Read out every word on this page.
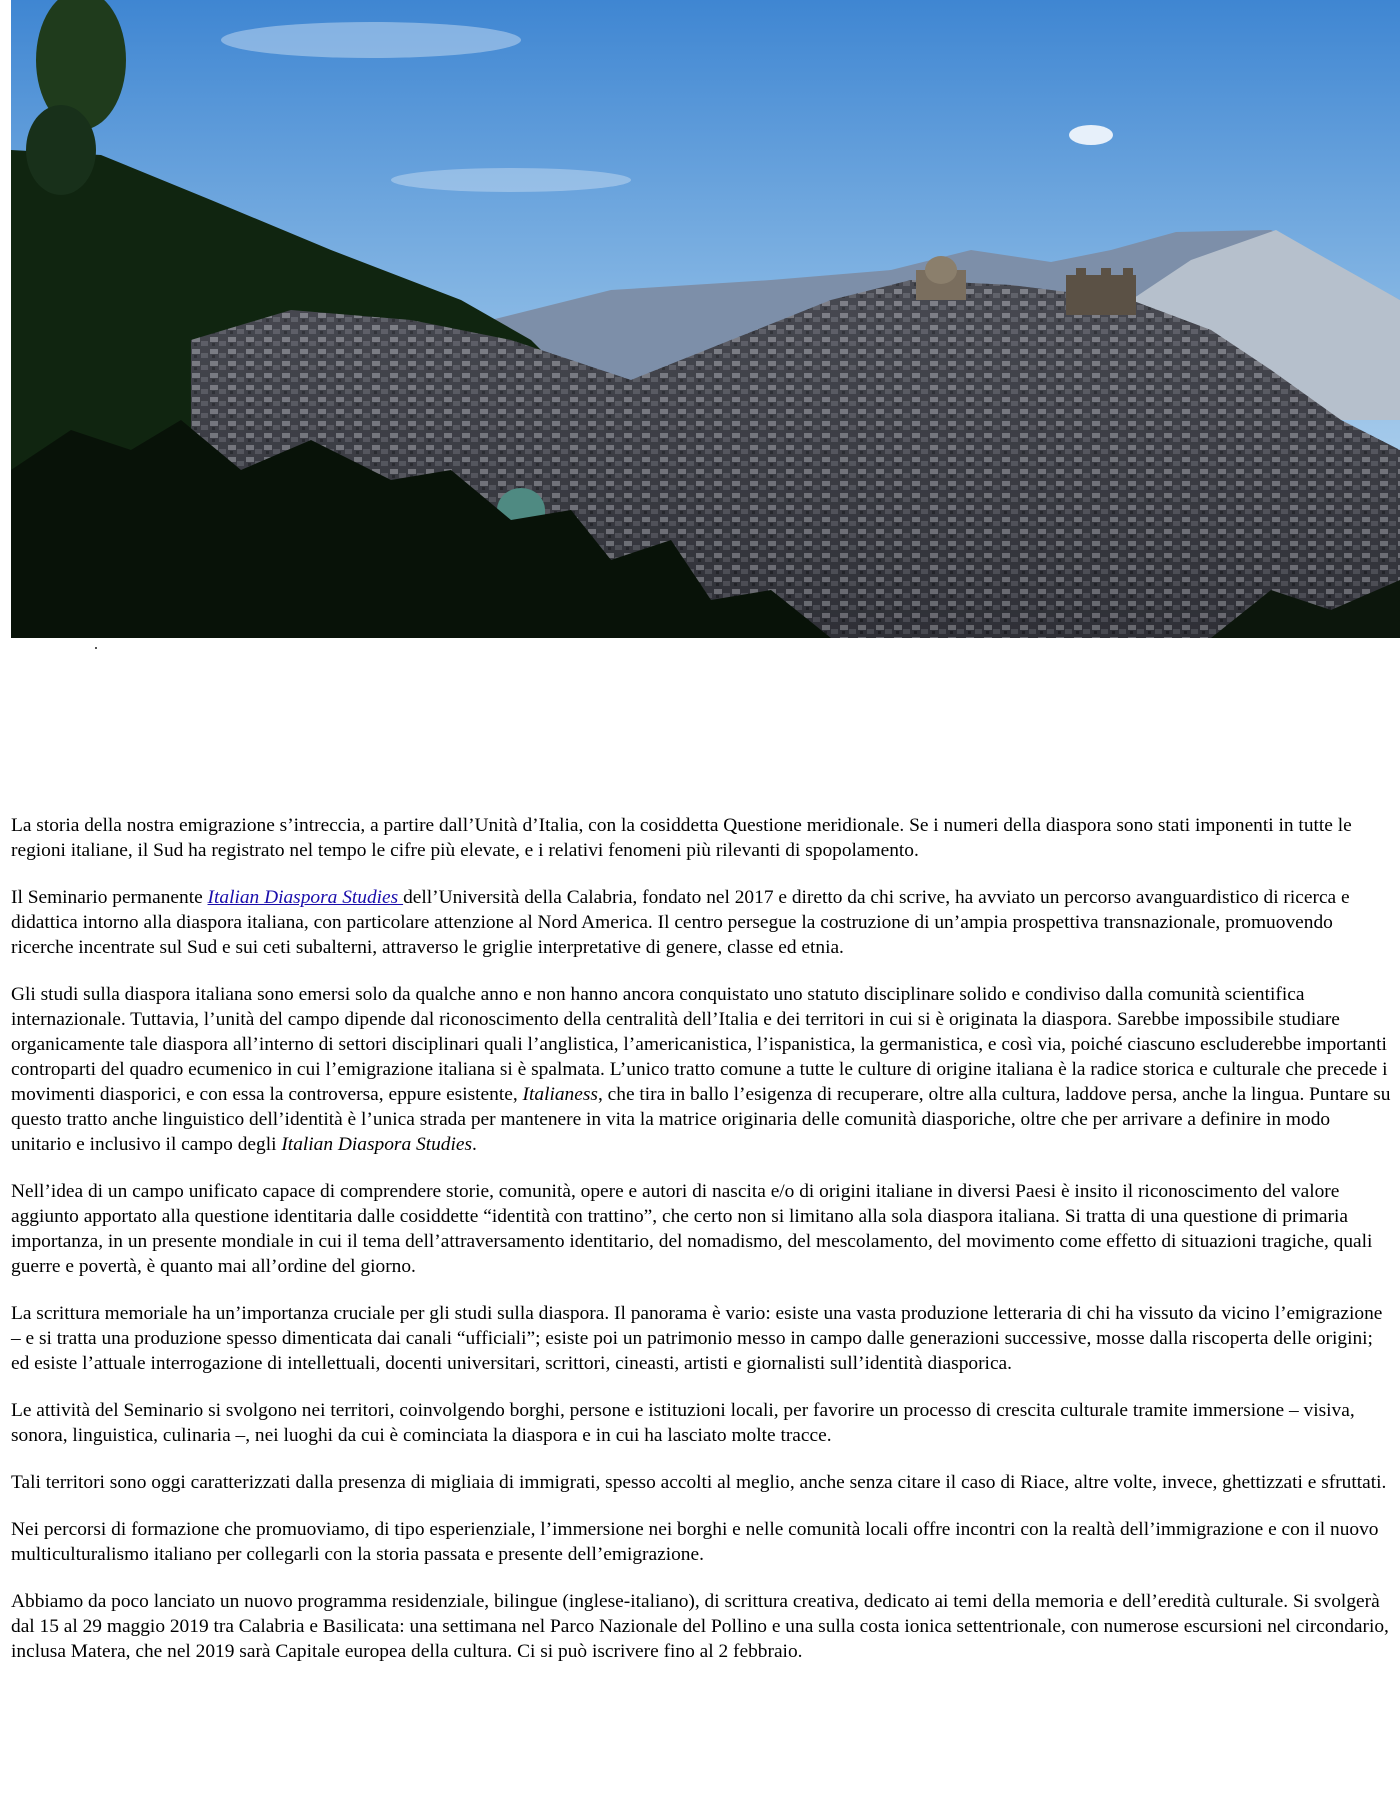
La storia della nostra emigrazione s’intreccia, a partire dall’Unità d’Italia, con la cosiddetta Questione meridionale. Se i numeri della diaspora sono stati imponenti in tutte le regioni italiane, il Sud ha registrato nel tempo le cifre più elevate, e i relativi fenomeni più rilevanti di spopolamento.

Il Seminario permanente Italian Diaspora Studies dell’Università della Calabria, fondato nel 2017 e diretto da chi scrive, ha avviato un percorso avanguardistico di ricerca e didattica intorno alla diaspora italiana, con particolare attenzione al Nord America. Il centro persegue la costruzione di un’ampia prospettiva transnazionale, promuovendo ricerche incentrate sul Sud e sui ceti subalterni, attraverso le griglie interpretative di genere, classe ed etnia.

Gli studi sulla diaspora italiana sono emersi solo da qualche anno e non hanno ancora conquistato uno statuto disciplinare solido e condiviso dalla comunità scientifica internazionale. Tuttavia, l’unità del campo dipende dal riconoscimento della centralità dell’Italia e dei territori in cui si è originata la diaspora. Sarebbe impossibile studiare organicamente tale diaspora all’interno di settori disciplinari quali l’anglistica, l’americanistica, l’ispanistica, la germanistica, e così via, poiché ciascuno escluderebbe importanti controparti del quadro ecumenico in cui l’emigrazione italiana si è spalmata. L’unico tratto comune a tutte le culture di origine italiana è la radice storica e culturale che precede i movimenti diasporici, e con essa la controversa, eppure esistente, Italianess, che tira in ballo l’esigenza di recuperare, oltre alla cultura, laddove persa, anche la lingua. Puntare su questo tratto anche linguistico dell’identità è l’unica strada per mantenere in vita la matrice originaria delle comunità diasporiche, oltre che per arrivare a definire in modo unitario e inclusivo il campo degli Italian Diaspora Studies.

Nell’idea di un campo unificato capace di comprendere storie, comunità, opere e autori di nascita e/o di origini italiane in diversi Paesi è insito il riconoscimento del valore aggiunto apportato alla questione identitaria dalle cosiddette “identità con trattino”, che certo non si limitano alla sola diaspora italiana. Si tratta di una questione di primaria importanza, in un presente mondiale in cui il tema dell’attraversamento identitario, del nomadismo, del mescolamento, del movimento come effetto di situazioni tragiche, quali guerre e povertà, è quanto mai all’ordine del giorno.

La scrittura memoriale ha un’importanza cruciale per gli studi sulla diaspora. Il panorama è vario: esiste una vasta produzione letteraria di chi ha vissuto da vicino l’emigrazione – e si tratta una produzione spesso dimenticata dai canali “ufficiali”; esiste poi un patrimonio messo in campo dalle generazioni successive, mosse dalla riscoperta delle origini; ed esiste l’attuale interrogazione di intellettuali, docenti universitari, scrittori, cineasti, artisti e giornalisti sull’identità diasporica.

Le attività del Seminario si svolgono nei territori, coinvolgendo borghi, persone e istituzioni locali, per favorire un processo di crescita culturale tramite immersione – visiva, sonora, linguistica, culinaria –, nei luoghi da cui è cominciata la diaspora e in cui ha lasciato molte tracce.

Tali territori sono oggi caratterizzati dalla presenza di migliaia di immigrati, spesso accolti al meglio, anche senza citare il caso di Riace, altre volte, invece, ghettizzati e sfruttati.

Nei percorsi di formazione che promuoviamo, di tipo esperienziale, l’immersione nei borghi e nelle comunità locali offre incontri con la realtà dell’immigrazione e con il nuovo multiculturalismo italiano per collegarli con la storia passata e presente dell’emigrazione.

Abbiamo da poco lanciato un nuovo programma residenziale, bilingue (inglese-italiano), di scrittura creativa, dedicato ai temi della memoria e dell’eredità culturale. Si svolgerà dal 15 al 29 maggio 2019 tra Calabria e Basilicata: una settimana nel Parco Nazionale del Pollino e una sulla costa ionica settentrionale, con numerose escursioni nel circondario, inclusa Matera, che nel 2019 sarà Capitale europea della cultura. Ci si può iscrivere fino al 2 febbraio.
